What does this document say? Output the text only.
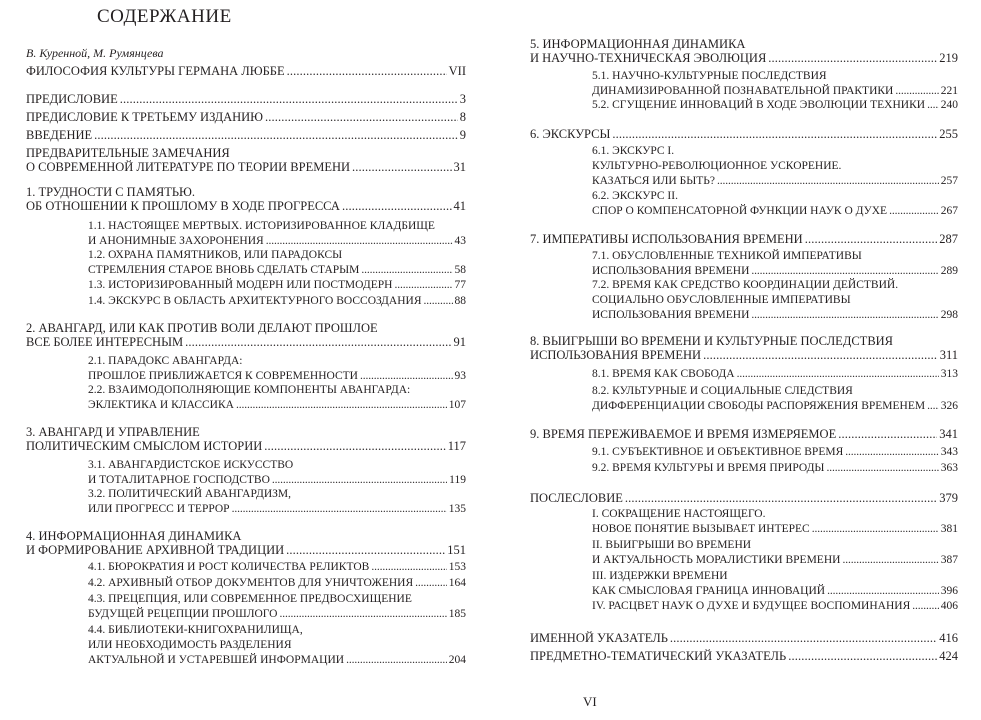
СОДЕРЖАНИЕ
В. Куренной, М. Румянцева
ФИЛОСОФИЯ КУЛЬТУРЫ ГЕРМАНА ЛЮББЕ . . .	VII
ПРЕДИСЛОВИЕ . . .	3
ПРЕДИСЛОВИЕ К ТРЕТЬЕМУ ИЗДАНИЮ . . .	8
ВВЕДЕНИЕ . . .	9
ПРЕДВАРИТЕЛЬНЫЕ ЗАМЕЧАНИЯ
О СОВРЕМЕННОЙ ЛИТЕРАТУРЕ ПО ТЕОРИИ ВРЕМЕНИ . . .	31
1. ТРУДНОСТИ С ПАМЯТЬЮ.
ОБ ОТНОШЕНИИ К ПРОШЛОМУ В ХОДЕ ПРОГРЕССА . . .	41
1.1. НАСТОЯЩЕЕ МЕРТВЫХ. ИСТОРИЗИРОВАННОЕ КЛАДБИЩЕ
И АНОНИМНЫЕ ЗАХОРОНЕНИЯ . . .	43
1.2. ОХРАНА ПАМЯТНИКОВ, ИЛИ ПАРАДОКСЫ
СТРЕМЛЕНИЯ СТАРОЕ ВНОВЬ СДЕЛАТЬ СТАРЫМ . . .	58
1.3. ИСТОРИЗИРОВАННЫЙ МОДЕРН ИЛИ ПОСТМОДЕРН . . .	77
1.4. ЭКСКУРС В ОБЛАСТЬ АРХИТЕКТУРНОГО ВОССОЗДАНИЯ . . .	88
2. АВАНГАРД, ИЛИ КАК ПРОТИВ ВОЛИ ДЕЛАЮТ ПРОШЛОЕ
ВСЕ БОЛЕЕ ИНТЕРЕСНЫМ . . .	91
2.1. ПАРАДОКС АВАНГАРДА:
ПРОШЛОЕ ПРИБЛИЖАЕТСЯ К СОВРЕМЕННОСТИ . . .	93
2.2. ВЗАИМОДОПОЛНЯЮЩИЕ КОМПОНЕНТЫ АВАНГАРДА:
ЭКЛЕКТИКА И КЛАССИКА . . .	107
3. АВАНГАРД И УПРАВЛЕНИЕ
ПОЛИТИЧЕСКИМ СМЫСЛОМ ИСТОРИИ . . .	117
3.1. АВАНГАРДИСТСКОЕ ИСКУССТВО
И ТОТАЛИТАРНОЕ ГОСПОДСТВО . . .	119
3.2. ПОЛИТИЧЕСКИЙ АВАНГАРДИЗМ,
ИЛИ ПРОГРЕСС И ТЕРРОР . . .	135
4. ИНФОРМАЦИОННАЯ ДИНАМИКА
И ФОРМИРОВАНИЕ АРХИВНОЙ ТРАДИЦИИ . . .	151
4.1. БЮРОКРАТИЯ И РОСТ КОЛИЧЕСТВА РЕЛИКТОВ . . .	153
4.2. АРХИВНЫЙ ОТБОР ДОКУМЕНТОВ ДЛЯ УНИЧТОЖЕНИЯ . . .	164
4.3. ПРЕЦЕПЦИЯ, ИЛИ СОВРЕМЕННОЕ ПРЕДВОСХИЩЕНИЕ
БУДУЩЕЙ РЕЦЕПЦИИ ПРОШЛОГО . . .	185
4.4. БИБЛИОТЕКИ-КНИГОХРАНИЛИЩА,
ИЛИ НЕОБХОДИМОСТЬ РАЗДЕЛЕНИЯ
АКТУАЛЬНОЙ И УСТАРЕВШЕЙ ИНФОРМАЦИИ . . .	204
5. ИНФОРМАЦИОННАЯ ДИНАМИКА
И НАУЧНО-ТЕХНИЧЕСКАЯ ЭВОЛЮЦИЯ . . .	219
5.1. НАУЧНО-КУЛЬТУРНЫЕ ПОСЛЕДСТВИЯ
ДИНАМИЗИРОВАННОЙ ПОЗНАВАТЕЛЬНОЙ ПРАКТИКИ . . .	221
5.2. СГУЩЕНИЕ ИННОВАЦИЙ В ХОДЕ ЭВОЛЮЦИИ ТЕХНИКИ . . . 240
6. ЭКСКУРСЫ . . .	255
6.1. ЭКСКУРС I.
КУЛЬТУРНО-РЕВОЛЮЦИОННОЕ УСКОРЕНИЕ.
КАЗАТЬСЯ ИЛИ БЫТЬ? . . .	257
6.2. ЭКСКУРС II.
СПОР О КОМПЕНСАТОРНОЙ ФУНКЦИИ НАУК О ДУХЕ . . .	267
7. ИМПЕРАТИВЫ ИСПОЛЬЗОВАНИЯ ВРЕМЕНИ . . .	287
7.1. ОБУСЛОВЛЕННЫЕ ТЕХНИКОЙ ИМПЕРАТИВЫ
ИСПОЛЬЗОВАНИЯ ВРЕМЕНИ . . .	289
7.2. ВРЕМЯ КАК СРЕДСТВО КООРДИНАЦИИ ДЕЙСТВИЙ.
СОЦИАЛЬНО ОБУСЛОВЛЕННЫЕ ИМПЕРАТИВЫ
ИСПОЛЬЗОВАНИЯ ВРЕМЕНИ . . .	298
8. ВЫИГРЫШИ ВО ВРЕМЕНИ И КУЛЬТУРНЫЕ ПОСЛЕДСТВИЯ
ИСПОЛЬЗОВАНИЯ ВРЕМЕНИ . . .	311
8.1. ВРЕМЯ КАК СВОБОДА . . .	313
8.2. КУЛЬТУРНЫЕ И СОЦИАЛЬНЫЕ СЛЕДСТВИЯ
ДИФФЕРЕНЦИАЦИИ СВОБОДЫ РАСПОРЯЖЕНИЯ ВРЕМЕНЕМ . . . 326
9. ВРЕМЯ ПЕРЕЖИВАЕМОЕ И ВРЕМЯ ИЗМЕРЯЕМОЕ . . .	341
9.1. СУБЪЕКТИВНОЕ И ОБЪЕКТИВНОЕ ВРЕМЯ . . .	343
9.2. ВРЕМЯ КУЛЬТУРЫ И ВРЕМЯ ПРИРОДЫ . . .	363
ПОСЛЕСЛОВИЕ . . .	379
I. СОКРАЩЕНИЕ НАСТОЯЩЕГО.
НОВОЕ ПОНЯТИЕ ВЫЗЫВАЕТ ИНТЕРЕС . . .	381
II. ВЫИГРЫШИ ВО ВРЕМЕНИ
И АКТУАЛЬНОСТЬ МОРАЛИСТИКИ ВРЕМЕНИ . . .	387
III. ИЗДЕРЖКИ ВРЕМЕНИ
КАК СМЫСЛОВАЯ ГРАНИЦА ИННОВАЦИЙ . . .	396
IV. РАСЦВЕТ НАУК О ДУХЕ И БУДУЩЕЕ ВОСПОМИНАНИЯ . . .	406
ИМЕННОЙ УКАЗАТЕЛЬ . . .	416
ПРЕДМЕТНО-ТЕМАТИЧЕСКИЙ УКАЗАТЕЛЬ . . .	424
VI
